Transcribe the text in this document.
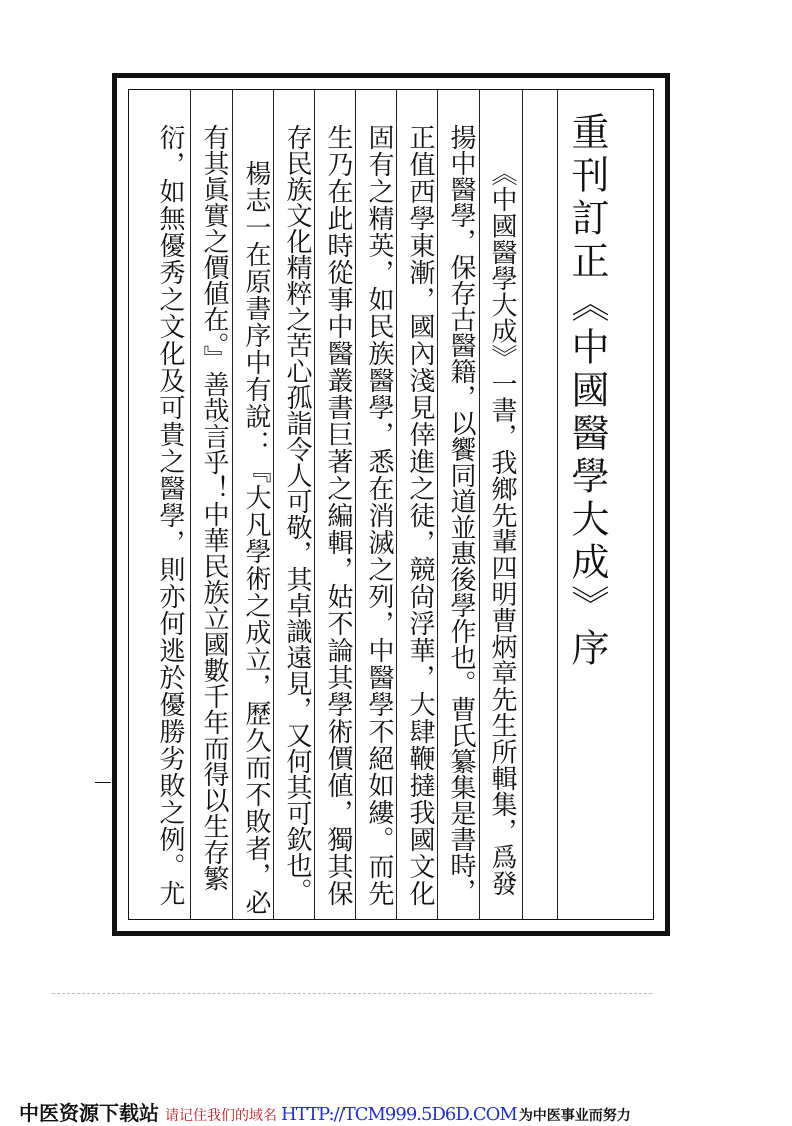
重刊訂正《中國醫學大成》序
《中國醫學大成》一書，我鄉先輩四明曹炳章先生所輯集，爲發
揚中醫學，保存古醫籍，以饗同道並惠後學作也。曹氏纂集是書時，
正值西學東漸，國內淺見倖進之徒，競尙浮華，大肆鞭撻我國文化
固有之精英，如民族醫學，悉在消滅之列，中醫學不絕如縷。而先
生乃在此時從事中醫叢書巨著之編輯，姑不論其學術價値，獨其保
存民族文化精粹之苦心孤詣令人可敬，其卓識遠見，又何其可欽也。
楊志一在原書序中有說：『大凡學術之成立，歷久而不敗者，必
有其眞實之價値在。』善哉言乎！中華民族立國數千年而得以生存繁
衍，如無優秀之文化及可貴之醫學，則亦何逃於優勝劣敗之例。尤
中医资源下载站 请记住我们的域名 HTTP://TCM999.5D6D.COM 为中医事业而努力
